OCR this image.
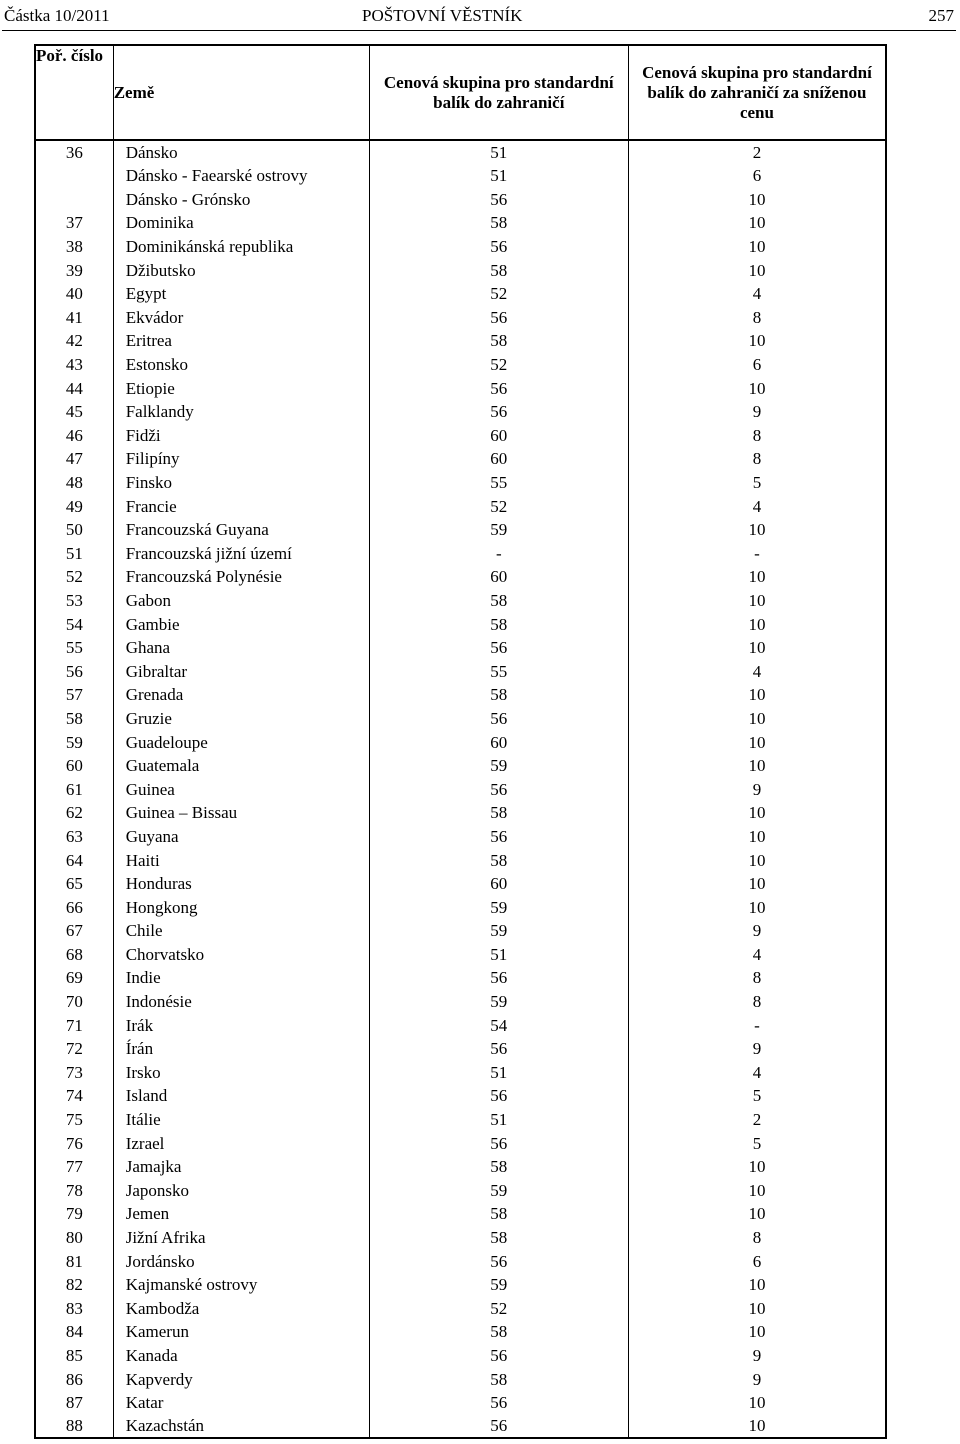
Částka 10/2011	POŠTOVNÍ VĚSTNÍK	257
Poř. číslo	Země	Cenová skupina pro standardní balík do zahraničí	Cenová skupina pro standardní balík do zahraničí za sníženou cenu
36	Dánsko	51	2
	Dánsko - Faearské ostrovy	51	6
	Dánsko - Grónsko	56	10
37	Dominika	58	10
38	Dominikánská republika	56	10
39	Džibutsko	58	10
40	Egypt	52	4
41	Ekvádor	56	8
42	Eritrea	58	10
43	Estonsko	52	6
44	Etiopie	56	10
45	Falklandy	56	9
46	Fidži	60	8
47	Filipíny	60	8
48	Finsko	55	5
49	Francie	52	4
50	Francouzská Guyana	59	10
51	Francouzská jižní území	-	-
52	Francouzská Polynésie	60	10
53	Gabon	58	10
54	Gambie	58	10
55	Ghana	56	10
56	Gibraltar	55	4
57	Grenada	58	10
58	Gruzie	56	10
59	Guadeloupe	60	10
60	Guatemala	59	10
61	Guinea	56	9
62	Guinea – Bissau	58	10
63	Guyana	56	10
64	Haiti	58	10
65	Honduras	60	10
66	Hongkong	59	10
67	Chile	59	9
68	Chorvatsko	51	4
69	Indie	56	8
70	Indonésie	59	8
71	Irák	54	-
72	Írán	56	9
73	Irsko	51	4
74	Island	56	5
75	Itálie	51	2
76	Izrael	56	5
77	Jamajka	58	10
78	Japonsko	59	10
79	Jemen	58	10
80	Jižní Afrika	58	8
81	Jordánsko	56	6
82	Kajmanské ostrovy	59	10
83	Kambodža	52	10
84	Kamerun	58	10
85	Kanada	56	9
86	Kapverdy	58	9
87	Katar	56	10
88	Kazachstán	56	10
